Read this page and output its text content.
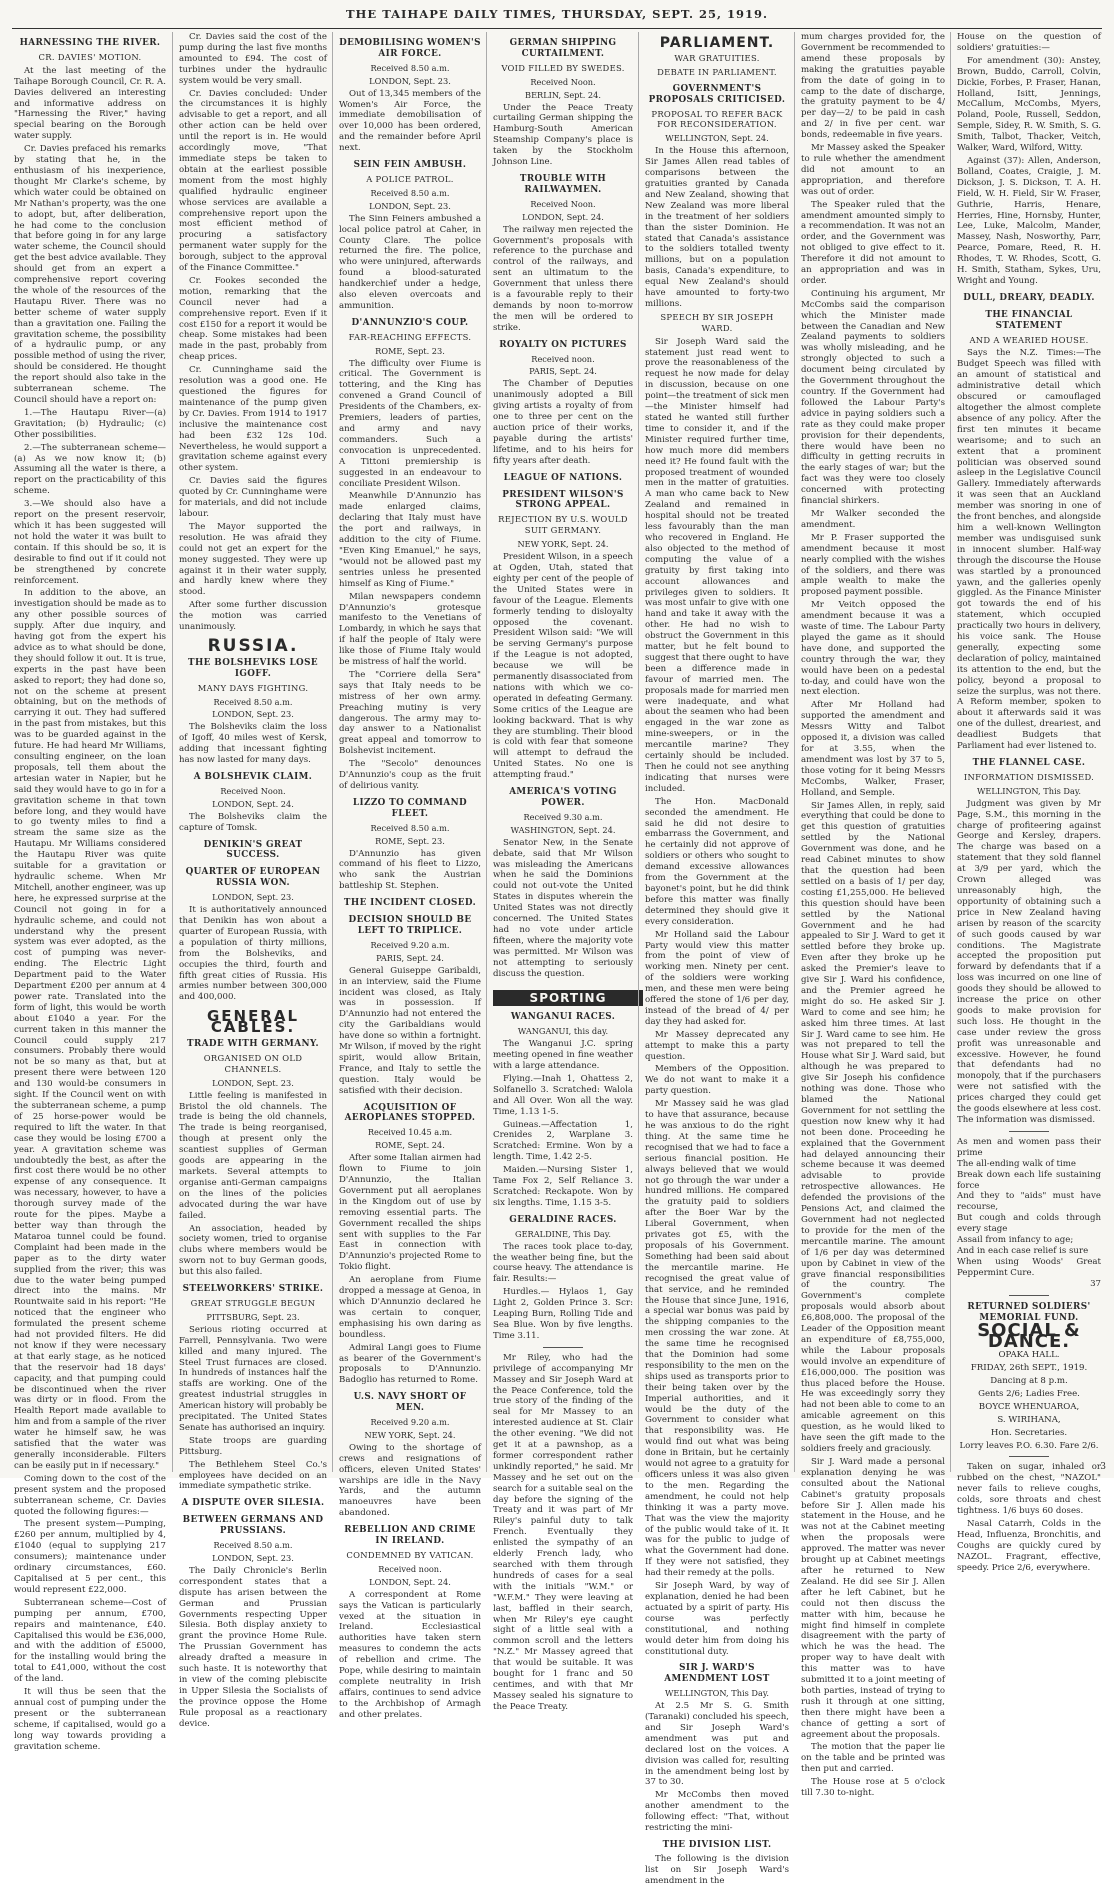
THE TAIHAPE DAILY TIMES, THURSDAY, SEPT. 25, 1919.
HARNESSING THE RIVER.
CR. DAVIES' MOTION.

At the last meeting of the Taihape Borough Council, Cr. R. A. Davies delivered an interesting and informative address on "Harnessing the River," having special bearing on the Borough water supply.

Cr. Davies prefaced his remarks by stating that he, in the enthusiasm of his inexperience, thought Mr Clarke's scheme, by which water could be obtained on Mr Nathan's property, was the one to adopt, but, after deliberation, he had come to the conclusion that before going in for any large water scheme, the Council should get the best advice available. They should get from an expert a comprehensive report covering the whole of the resources of the Hautapu River. There was no better scheme of water supply than a gravitation one. Failing the gravitation scheme, the possibility of a hydraulic pump, or any possible method of using the river, should be considered. He thought the report should also take in the subterranean scheme. The Council should have a report on:

1.—The Hautapu River—(a) Gravitation; (b) Hydraulic; (c) Other possibilities.

2.—The subterranean scheme—(a) As we now know it; (b) Assuming all the water is there, a report on the practicability of this scheme.

3.—We should also have a report on the present reservoir, which it has been suggested will not hold the water it was built to contain. If this should be so, it is desirable to find out if it could not be strengthened by concrete reinforcement.

In addition to the above, an investigation should be made as to any other possible sources of supply. After due inquiry, and having got from the expert his advice as to what should be done, they should follow it out. It is true, experts in the past have been asked to report; they had done so, not on the scheme at present obtaining, but on the methods of carrying it out. They had suffered in the past from mistakes, but this was to be guarded against in the future. He had heard Mr Williams, consulting engineer, on the loan proposals, tell them about the artesian water in Napier, but he said they would have to go in for a gravitation scheme in that town before long, and they would have to go twenty miles to find a stream the same size as the Hautapu. Mr Williams considered the Hautapu River was quite suitable for a gravitation or hydraulic scheme. When Mr Mitchell, another engineer, was up here, he expressed surprise at the Council not going in for a hydraulic scheme, and could not understand why the present system was ever adopted, as the cost of pumping was never-ending. The Electric Light Department paid to the Water Department £200 per annum at 4 power rate. Translated into the form of light, this would be worth about £1040 a year. For the current taken in this manner the Council could supply 217 consumers. Probably there would not be so many as that, but at present there were between 120 and 130 would-be consumers in sight. If the Council went on with the subterranean scheme, a pump of 25 horse-power would be required to lift the water. In that case they would be losing £700 a year. A gravitation scheme was undoubtedly the best, as after the first cost there would be no other expense of any consequence. It was necessary, however, to have a thorough survey made of the route for the pipes. Maybe a better way than through the Mataroa tunnel could be found. Complaint had been made in the paper as to the dirty water supplied from the river; this was due to the water being pumped direct into the mains. Mr Rountwaite said in his report: "He noticed that the engineer who formulated the present scheme had not provided filters. He did not know if they were necessary at that early stage, as he noticed that the reservoir had 18 days' capacity, and that pumping could be discontinued when the river was dirty or in flood. From the Health Report made available to him and from a sample of the river water he himself saw, he was satisfied that the water was generally inconsiderable. Filters can be easily put in if necessary."

Coming down to the cost of the present system and the proposed subterranean scheme, Cr. Davies quoted the following figures:—

The present system—Pumping, £260 per annum, multiplied by 4, £1040 (equal to supplying 217 consumers); maintenance under ordinary circumstances, £60. Capitalised at 5 per cent., this would represent £22,000.

Subterranean scheme—Cost of pumping per annum, £700, repairs and maintenance, £40. Capitalised this would be £36,000, and with the addition of £5000, for the installing would bring the total to £41,000, without the cost of the land.

It will thus be seen that the annual cost of pumping under the present or the subterranean scheme, if capitalised, would go a long way towards providing a gravitation scheme.

Cr. Davies said the cost of the pump during the last five months amounted to £94. The cost of turbines under the hydraulic system would be very small.

Cr. Davies concluded: Under the circumstances it is highly advisable to get a report, and all other action can be held over until the report is in. He would accordingly move, "That immediate steps be taken to obtain at the earliest possible moment from the most highly qualified hydraulic engineer whose services are available a comprehensive report upon the most efficient method of procuring a satisfactory permanent water supply for the borough, subject to the approval of the Finance Committee."

Cr. Fookes seconded the motion, remarking that the Council never had a comprehensive report. Even if it cost £150 for a report it would be cheap. Some mistakes had been made in the past, probably from cheap prices.

Cr. Cunninghame said the resolution was a good one. He questioned the figures for maintenance of the pump given by Cr. Davies. From 1914 to 1917 inclusive the maintenance cost had been £32 12s 10d. Nevertheless, he would support a gravitation scheme against every other system.

Cr. Davies said the figures quoted by Cr. Cunninghame were for materials, and did not include labour.

The Mayor supported the resolution. He was afraid they could not get an expert for the money suggested. They were up against it in their water supply, and hardly knew where they stood.

After some further discussion the motion was carried unanimously.

RUSSIA.
THE BOLSHEVIKS LOSE IGOFF.
MANY DAYS FIGHTING.
Received 8.50 a.m.
LONDON, Sept. 23.

The Bolsheviks claim the loss of Igoff, 40 miles west of Kersk, adding that incessant fighting has now lasted for many days.

A BOLSHEVIK CLAIM.
Received Noon.
LONDON, Sept. 24.

The Bolsheviks claim the capture of Tomsk.

DENIKIN'S GREAT SUCCESS.
QUARTER OF EUROPEAN RUSSIA WON.
LONDON, Sept. 23.

It is authoritatively announced that Denikin has won about a quarter of European Russia, with a population of thirty millions, from the Bolsheviks, and occupies the third, fourth and fifth great cities of Russia. His armies number between 300,000 and 400,000.

GENERAL CABLES.
TRADE WITH GERMANY.
ORGANISED ON OLD CHANNELS.
LONDON, Sept. 23.

Little feeling is manifested in Bristol the old channels. The trade is being the old channels, The trade is being reorganised, though at present only the scantiest supplies of German goods are appearing in the markets. Several attempts to organise anti-German campaigns on the lines of the policies advocated during the war have failed.

An association, headed by society women, tried to organise clubs where members would be sworn not to buy German goods, but this also failed.

STEELWORKERS' STRIKE.
GREAT STRUGGLE BEGUN
PITTSBURG, Sept. 23.

Serious rioting occurred at Farrell, Pennsylvania. Two were killed and many injured. The Steel Trust furnaces are closed. In hundreds of instances half the staffs are working. One of the greatest industrial struggles in American history will probably be precipitated. The United States Senate has authorised an inquiry.

State troops are guarding Pittsburg.

The Bethlehem Steel Co.'s employees have decided on an immediate sympathetic strike.

A DISPUTE OVER SILESIA.
BETWEEN GERMANS AND PRUSSIANS.
Received 8.50 a.m.
LONDON, Sept. 23.

The Daily Chronicle's Berlin correspondent states that a dispute has arisen between the German and Prussian Governments respecting Upper Silesia. Both display anxiety to grant the province Home Rule. The Prussian Government has already drafted a measure in such haste. It is noteworthy that in view of the coming plebiscite in Upper Silesia the Socialists of the province oppose the Home Rule proposal as a reactionary device.

DEMOBILISING WOMEN'S AIR FORCE.
Received 8.50 a.m.
LONDON, Sept. 23.

Out of 13,345 members of the Women's Air Force, the immediate demobilisation of over 10,000 has been ordered, and the remainder before April next.

SEIN FEIN AMBUSH.
A POLICE PATROL.
Received 8.50 a.m.
LONDON, Sept. 23.

The Sinn Feiners ambushed a local police patrol at Caher, in County Clare. The police returned the fire. The police, who were uninjured, afterwards found a blood-saturated handkerchief under a hedge, also eleven overcoats and ammunition.

D'ANNUNZIO'S COUP.
FAR-REACHING EFFECTS.
ROME, Sept. 23.

The difficulty over Fiume is critical. The Government is tottering, and the King has convened a Grand Council of Presidents of the Chambers, ex-Premiers, leaders of parties, and army and navy commanders. Such a convocation is unprecedented. A Tittoni premiership is suggested in an endeavour to conciliate President Wilson.

Meanwhile D'Annunzio has made enlarged claims, declaring that Italy must have the port and railways, in addition to the city of Fiume. "Even King Emanuel," he says, "would not be allowed past my sentries unless he presented himself as King of Fiume."

Milan newspapers condemn D'Annunzio's grotesque manifesto to the Venetians of Lombardy, in which he says that if half the people of Italy were like those of Fiume Italy would be mistress of half the world.

The "Corriere della Sera" says that Italy needs to be mistress of her own army. Preaching mutiny is very dangerous. The army may to-day answer to a Nationalist great appeal and tomorrow to Bolshevist incitement.

The "Secolo" denounces D'Annunzio's coup as the fruit of delirious vanity.

LIZZO TO COMMAND FLEET.
Received 8.50 a.m.
ROME, Sept. 23.

D'Annunzio has given command of his fleet to Lizzo, who sank the Austrian battleship St. Stephen.

THE INCIDENT CLOSED.
DECISION SHOULD BE LEFT TO TRIPLICE.
Received 9.20 a.m.
PARIS, Sept. 24.

General Guiseppe Garibaldi, in an interview, said the Fiume incident was closed, as Italy was in possession. If D'Annunzio had not entered the city the Garibaldians would have done so within a fortnight. Mr Wilson, if moved by the right spirit, would allow Britain, France, and Italy to settle the question. Italy would be satisfied with their decision.

ACQUISITION OF AEROPLANES STOPPED.
Received 10.45 a.m.
ROME, Sept. 24.

After some Italian airmen had flown to Fiume to join D'Annunzio, the Italian Government put all aeroplanes in the Kingdom out of use by removing essential parts. The Government recalled the ships sent with supplies to the Far East in connection with D'Annunzio's projected Rome to Tokio flight.

An aeroplane from Fiume dropped a message at Genoa, in which D'Annunzio declared he was certain to conquer, emphasising his own daring as boundless.

Admiral Langi goes to Fiume as bearer of the Government's proposals to D'Annunzio. Badoglio has returned to Rome.

U.S. NAVY SHORT OF MEN.
Received 9.20 a.m.
NEW YORK, Sept. 24.

Owing to the shortage of crews and resignations of officers, eleven United States' warships are idle in the Navy Yards, and the autumn manoeuvres have been abandoned.

REBELLION AND CRIME IN IRELAND.
CONDEMNED BY VATICAN.
Received noon.
LONDON, Sept. 24.

A correspondent at Rome says the Vatican is particularly vexed at the situation in Ireland. Ecclesiastical authorities have taken stern measures to condemn the acts of rebellion and crime. The Pope, while desiring to maintain complete neutrality in Irish affairs, continues to send advice to the Archbishop of Armagh and other prelates.

GERMAN SHIPPING CURTAILMENT.
VOID FILLED BY SWEDES.
Received Noon.
BERLIN, Sept. 24.

Under the Peace Treaty curtailing German shipping the Hamburg-South American Steamship Company's place is taken by the Stockholm Johnson Line.

TROUBLE WITH RAILWAYMEN.
Received Noon.
LONDON, Sept. 24.

The railway men rejected the Government's proposals with reference to the purchase and control of the railways, and sent an ultimatum to the Government that unless there is a favourable reply to their demands by noon to-morrow the men will be ordered to strike.

ROYALTY ON PICTURES
Received noon.
PARIS, Sept. 24.

The Chamber of Deputies unanimously adopted a Bill giving artists a royalty of from one to three per cent on the auction price of their works, payable during the artists' lifetime, and to his heirs for fifty years after death.

LEAGUE OF NATIONS.
PRESIDENT WILSON'S STRONG APPEAL.
REJECTION BY U.S. WOULD SUIT GERMANY.
NEW YORK, Sept. 24.

President Wilson, in a speech at Ogden, Utah, stated that eighty per cent of the people of the United States were in favour of the League. Elements formerly tending to disloyalty opposed the covenant. President Wilson said: "We will be serving Germany's purpose if the League is not adopted, because we will be permanently disassociated from nations with which we co-operated in defeating Germany. Some critics of the League are looking backward. That is why they are stumbling. Their blood is cold with fear that someone will attempt to defraud the United States. No one is attempting fraud."

AMERICA'S VOTING POWER.
Received 9.30 a.m.
WASHINGTON, Sept. 24.

Senator New, in the Senate debate, said that Mr Wilson was misleading the Americans when he said the Dominions could not out-vote the United States in disputes wherein the United States was not directly concerned. The United States had no vote under article fifteen, where the majority vote was permitted. Mr Wilson was not attempting to seriously discuss the question.

SPORTING
WANGANUI RACES.
WANGANUI, this day.

The Wanganui J.C. spring meeting opened in fine weather with a large attendance.

Flying.—Inah 1, Ohattess 2, Solfanello 3. Scratched: Walola and All Over. Won all the way. Time, 1.13 1-5.

Guineas.—Affectation 1, Crenides 2, Warplane 3. Scratched: Ermine. Won by a length. Time, 1.42 2-5.

Maiden.—Nursing Sister 1, Tame Fox 2, Self Reliance 3. Scratched: Reckapote. Won by six lengths. Time, 1.15 3-5.

GERALDINE RACES.
GERALDINE, This Day.

The races took place to-day, the weather being fine, but the course heavy. The attendance is fair. Results:—

Hurdles.— Hylaos 1, Gay Light 2, Golden Prince 3. Scr: Leaping Burn, Rolling Tide and Sea Blue. Won by five lengths. Time 3.11.

Mr Riley, who had the privilege of accompanying Mr Massey and Sir Joseph Ward at the Peace Conference, told the true story of the finding of the seal for Mr Massey to an interested audience at St. Clair the other evening. "We did not get it at a pawnshop, as a former correspondent rather unkindly reported," he said. Mr Massey and he set out on the search for a suitable seal on the day before the signing of the Treaty and it was part of Mr Riley's painful duty to talk French. Eventually they enlisted the sympathy of an elderly French lady, who searched with them through hundreds of cases for a seal with the initials "W.M." or "W.F.M." They were leaving at last, baffled in their search, when Mr Riley's eye caught sight of a little seal with a common scroll and the letters "N.Z." Mr Massey agreed that that would be suitable. It was bought for 1 franc and 50 centimes, and with that Mr Massey sealed his signature to the Peace Treaty.

PARLIAMENT.
WAR GRATUITIES.
DEBATE IN PARLIAMENT.
GOVERNMENT'S PROPOSALS CRITICISED.
PROPOSAL TO REFER BACK FOR RECONSIDERATION.
WELLINGTON, Sept. 24.

In the House this afternoon, Sir James Allen read tables of comparisons between the gratuities granted by Canada and New Zealand, showing that New Zealand was more liberal in the treatment of her soldiers than the sister Dominion. He stated that Canada's assistance to the soldiers totalled twenty millions, but on a population basis, Canada's expenditure, to equal New Zealand's should have amounted to forty-two millions.

SPEECH BY SIR JOSEPH WARD.

Sir Joseph Ward said the statement just read went to prove the reasonableness of the request he now made for delay in discussion, because on one point—the treatment of sick men—the Minister himself had stated he wanted still further time to consider it, and if the Minister required further time, how much more did members need it? He found fault with the proposed treatment of wounded men in the matter of gratuities. A man who came back to New Zealand and remained in hospital should not be treated less favourably than the man who recovered in England. He also objected to the method of computing the value of a gratuity by first taking into account allowances and privileges given to soldiers. It was most unfair to give with one hand and take it away with the other. He had no wish to obstruct the Government in this matter, but he felt bound to suggest that there ought to have been a difference made in favour of married men. The proposals made for married men were inadequate, and what about the seamen who had been engaged in the war zone as mine-sweepers, or in the mercantile marine? They certainly should be included. Then he could not see anything indicating that nurses were included.

The Hon. MacDonald seconded the amendment. He said he did not desire to embarrass the Government, and he certainly did not approve of soldiers or others who sought to demand excessive allowances from the Government at the bayonet's point, but he did think before this matter was finally determined they should give it every consideration.

Mr Holland said the Labour Party would view this matter from the point of view of working men. Ninety per cent. of the soldiers were working men, and these men were being offered the stone of 1/6 per day, instead of the bread of 4/ per day they had asked for.

Mr Massey deprecated any attempt to make this a party question.

Members of the Opposition. We do not want to make it a party question.

Mr Massey said he was glad to have that assurance, because he was anxious to do the right thing. At the same time he recognised that we had to face a serious financial position. He always believed that we would not go through the war under a hundred millions. He compared the gratuity paid to soldiers after the Boer War by the Liberal Government, when privates got £5, with the proposals of his Government. Something had been said about the mercantile marine. He recognised the great value of that service, and he reminded the House that since June, 1916, a special war bonus was paid by the shipping companies to the men crossing the war zone. At the same time he recognised that the Dominion had some responsibility to the men on the ships used as transports prior to their being taken over by the Imperial authorities, and it would be the duty of the Government to consider what that responsibility was. He would find out what was being done in Britain, but he certainly would not agree to a gratuity for officers unless it was also given to the men. Regarding the amendment, he could not help thinking it was a party move. That was the view the majority of the public would take of it. It was for the public to judge of what the Government had done. If they were not satisfied, they had their remedy at the polls.

Sir Joseph Ward, by way of explanation, denied he had been actuated by a spirit of party. His course was perfectly constitutional, and nothing would deter him from doing his constitutional duty.

SIR J. WARD'S AMENDMENT LOST
WELLINGTON, This Day.

At 2.5 Mr S. G. Smith (Taranaki) concluded his speech, and Sir Joseph Ward's amendment was put and declared lost on the voices. A division was called for, resulting in the amendment being lost by 37 to 30.

Mr McCombs then moved another amendment to the following effect: "That, without restricting the mini-

THE DIVISION LIST.

The following is the division list on Sir Joseph Ward's amendment in the

mum charges provided for, the Government be recommended to amend these proposals by making the gratuities payable from the date of going in to camp to the date of discharge, the gratuity payment to be 4/ per day—2/ to be paid in cash and 2/ in five per cent. war bonds, redeemable in five years.

Mr Massey asked the Speaker to rule whether the amendment did not amount to an appropriation, and therefore was out of order.

The Speaker ruled that the amendment amounted simply to a recommendation. It was not an order, and the Government was not obliged to give effect to it. Therefore it did not amount to an appropriation and was in order.

Continuing his argument, Mr McCombs said the comparison which the Minister made between the Canadian and New Zealand payments to soldiers was wholly misleading, and he strongly objected to such a document being circulated by the Government throughout the country. If the Government had followed the Labour Party's advice in paying soldiers such a rate as they could make proper provision for their dependents, there would have been no difficulty in getting recruits in the early stages of war; but the fact was they were too closely concerned with protecting financial shirkers.

Mr Walker seconded the amendment.

Mr P. Fraser supported the amendment because it most nearly complied with the wishes of the soldiers, and there was ample wealth to make the proposed payment possible.

Mr Veitch opposed the amendment because it was a waste of time. The Labour Party played the game as it should have done, and supported the country through the war, they would have been on a pedestal to-day, and could have won the next election.

After Mr Holland had supported the amendment and Messrs Witty and Talbot opposed it, a division was called for at 3.55, when the amendment was lost by 37 to 5, those voting for it being Messrs McCombs, Walker, Fraser, Holland, and Semple.

Sir James Allen, in reply, said everything that could be done to get this question of gratuities settled by the National Government was done, and he read Cabinet minutes to show that the question had been settled on a basis of 1/ per day, costing £1,255,000. He believed this question should have been settled by the National Government and he had appealed to Sir J. Ward to get it settled before they broke up. Even after they broke up he asked the Premier's leave to give Sir J. Ward his confidence, and the Premier agreed he might do so. He asked Sir J. Ward to come and see him; he asked him three times. At last Sir J. Ward came to see him. He was not prepared to tell the House what Sir J. Ward said, but although he was prepared to give Sir Joseph his confidence nothing was done. Those who blamed the National Government for not settling the question now knew why it had not been done. Proceeding he explained that the Government had delayed announcing their scheme because it was deemed advisable to provide retrospective allowances. He defended the provisions of the Pensions Act, and claimed the Government had not neglected to provide for the men of the mercantile marine. The amount of 1/6 per day was determined upon by Cabinet in view of the grave financial responsibilities of the country. The Government's complete proposals would absorb about £6,808,000. The proposal of the Leader of the Opposition meant an expenditure of £8,755,000, while the Labour proposals would involve an expenditure of £16,000,000. The position was thus placed before the House. He was exceedingly sorry they had not been able to come to an amicable agreement on this question, as he would liked to have seen the gift made to the soldiers freely and graciously.

Sir J. Ward made a personal explanation denying he was consulted about the National Cabinet's gratuity proposals before Sir J. Allen made his statement in the House, and he was not at the Cabinet meeting when the proposals were approved. The matter was never brought up at Cabinet meetings after he returned to New Zealand. He did see Sir J. Allen after he left Cabinet, but he could not then discuss the matter with him, because he might find himself in complete disagreement with the party of which he was the head. The proper way to have dealt with this matter was to have submitted it to a joint meeting of both parties, instead of trying to rush it through at one sitting, then there might have been a chance of getting a sort of agreement about the proposals.

The motion that the paper lie on the table and be printed was then put and carried.

The House rose at 5 o'clock till 7.30 to-night.

House on the question of soldiers' gratuities:—

For amendment (30): Anstey, Brown, Buddo, Carroll, Colvin, Dickie, Forbes, P. Fraser, Hanan, Holland, Isitt, Jennings, McCallum, McCombs, Myers, Poland, Poole, Russell, Seddon, Semple, Sidey, R. W. Smith, S. G. Smith, Talbot, Thacker, Veitch, Walker, Ward, Wilford, Witty.

Against (37): Allen, Anderson, Bolland, Coates, Craigie, J. M. Dickson, J. S. Dickson, T. A. H. Field, W. H. Field, Sir W. Fraser, Guthrie, Harris, Henare, Herries, Hine, Hornsby, Hunter, Lee, Luke, Malcolm, Mander, Massey, Nash, Nosworthy, Parr, Pearce, Pomare, Reed, R. H. Rhodes, T. W. Rhodes, Scott, G. H. Smith, Statham, Sykes, Uru, Wright and Young.

DULL, DREARY, DEADLY.
THE FINANCIAL STATEMENT
AND A WEARIED HOUSE.

Says the N.Z. Times:—The Budget Speech was filled with an amount of statistical and administrative detail which obscured or camouflaged altogether the almost complete absence of any policy. After the first ten minutes it became wearisome; and to such an extent that a prominent politician was observed sound asleep in the Legislative Council Gallery. Immediately afterwards it was seen that an Auckland member was snoring in one of the front benches, and alongside him a well-known Wellington member was undisguised sunk in innocent slumber. Half-way through the discourse the House was startled by a pronounced yawn, and the galleries openly giggled. As the Finance Minister got towards the end of his statement, which occupied practically two hours in delivery, his voice sank. The House generally, expecting some declaration of policy, maintained its attention to the end, but the policy, beyond a proposal to seize the surplus, was not there. A Reform member, spoken to about it afterwards said it was one of the dullest, dreariest, and deadliest Budgets that Parliament had ever listened to.

THE FLANNEL CASE.
INFORMATION DISMISSED.
WELLINGTON, This Day.

Judgment was given by Mr Page, S.M., this morning in the charge of profiteering against George and Kersley, drapers. The charge was based on a statement that they sold flannel at 3/9 per yard, which the Crown alleged was unreasonably high, the opportunity of obtaining such a price in New Zealand having arisen by reason of the scarcity of such goods caused by war conditions. The Magistrate accepted the proposition put forward by defendants that if a loss was incurred on one line of goods they should be allowed to increase the price on other goods to make provision for such loss. He thought in the case under review the gross profit was unreasonable and excessive. However, he found that defendants had no monopoly, that if the purchasers were not satisfied with the prices charged they could get the goods elsewhere at less cost. The information was dismissed.

As men and women pass their prime
The all-ending walk of time
Break down each life sustaining force
And they to "aids" must have recourse,
But cough and colds through every stage
Assail from infancy to age;
And in each case relief is sure
When using Woods' Great Peppermint Cure.
37
RETURNED SOLDIERS' MEMORIAL FUND.
SOCIAL & DANCE.
OPAKA HALL.
FRIDAY, 26th SEPT., 1919.
Dancing at 8 p.m.
Gents 2/6; Ladies Free.
BOYCE WHENUAROA,
S. WIRIHANA,
Hon. Secretaries.
Lorry leaves P.O. 6.30. Fare 2/6.

Taken on sugar, inhaled or rubbed on the chest, "NAZOL" never fails to relieve coughs, colds, sore throats and chest tightness. 1/6 buys 60 doses.

Nasal Catarrh, Colds in the Head, Influenza, Bronchitis, and Coughs are quickly cured by NAZOL. Fragrant, effective, speedy. Price 2/6, everywhere.

3
